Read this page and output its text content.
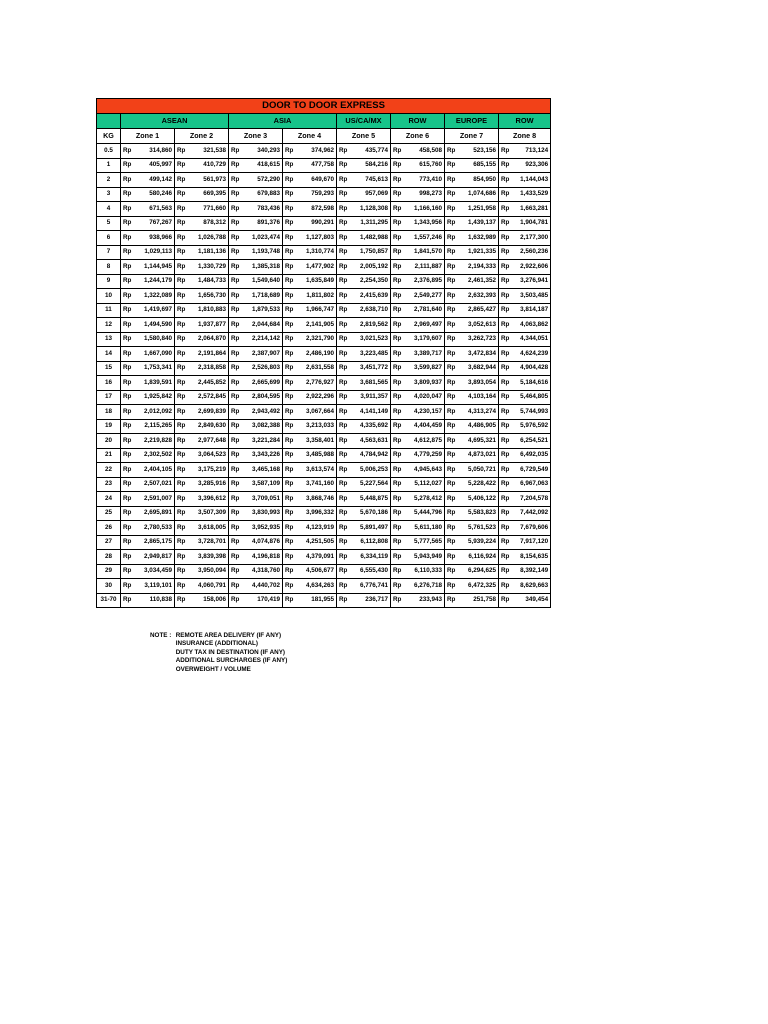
DOOR TO DOOR EXPRESS								
	ASEAN		ASIA		US/CA/MX	ROW	EUROPE	ROW
KG	Zone 1	Zone 2	Zone 3	Zone 4	Zone 5	Zone 6	Zone 7	Zone 8
0.5	Rp 314,860	Rp 321,538	Rp 340,293	Rp 374,962	Rp 435,774	Rp 458,508	Rp 523,156	Rp 713,124

1	Rp 405,997	Rp 410,729	Rp 418,615	Rp 477,758	Rp 584,216	Rp 615,760	Rp 685,155	Rp 923,306

2	Rp 499,142	Rp 561,973	Rp 572,290	Rp 649,670	Rp 745,613	Rp 773,410	Rp 854,950	Rp 1,144,043

3	Rp 580,246	Rp 669,395	Rp 679,883	Rp 759,293	Rp 957,069	Rp 998,273	Rp 1,074,686	Rp 1,433,529

4	Rp 671,563	Rp 771,660	Rp 783,436	Rp 872,598	Rp 1,128,308	Rp 1,166,160	Rp 1,251,958	Rp 1,663,281

5	Rp 767,267	Rp 878,312	Rp 891,376	Rp 990,291	Rp 1,311,295	Rp 1,343,956	Rp 1,439,137	Rp 1,904,781

6	Rp 938,966	Rp 1,026,788	Rp 1,023,474	Rp 1,127,803	Rp 1,482,988	Rp 1,557,246	Rp 1,632,989	Rp 2,177,300

7	Rp 1,029,113	Rp 1,181,136	Rp 1,193,748	Rp 1,310,774	Rp 1,750,857	Rp 1,841,570	Rp 1,921,335	Rp 2,560,236

8	Rp 1,144,945	Rp 1,330,729	Rp 1,385,318	Rp 1,477,902	Rp 2,005,192	Rp 2,111,887	Rp 2,194,333	Rp 2,922,606

9	Rp 1,244,179	Rp 1,484,733	Rp 1,549,640	Rp 1,635,849	Rp 2,254,350	Rp 2,376,895	Rp 2,461,352	Rp 3,276,941

10	Rp 1,322,089	Rp 1,656,730	Rp 1,718,689	Rp 1,811,802	Rp 2,415,639	Rp 2,549,277	Rp 2,632,393	Rp 3,503,485

11	Rp 1,419,697	Rp 1,810,883	Rp 1,879,533	Rp 1,966,747	Rp 2,638,710	Rp 2,781,640	Rp 2,865,427	Rp 3,814,187

12	Rp 1,494,590	Rp 1,937,877	Rp 2,044,684	Rp 2,141,905	Rp 2,819,562	Rp 2,969,497	Rp 3,052,613	Rp 4,063,862

13	Rp 1,580,840	Rp 2,064,870	Rp 2,214,142	Rp 2,321,790	Rp 3,021,523	Rp 3,179,607	Rp 3,262,723	Rp 4,344,051

14	Rp 1,667,090	Rp 2,191,864	Rp 2,387,907	Rp 2,486,190	Rp 3,223,485	Rp 3,389,717	Rp 3,472,834	Rp 4,624,239

15	Rp 1,753,341	Rp 2,318,858	Rp 2,526,803	Rp 2,631,558	Rp 3,451,772	Rp 3,599,827	Rp 3,682,944	Rp 4,904,428

16	Rp 1,839,591	Rp 2,445,852	Rp 2,665,699	Rp 2,776,927	Rp 3,681,565	Rp 3,809,937	Rp 3,893,054	Rp 5,184,616

17	Rp 1,925,842	Rp 2,572,845	Rp 2,804,595	Rp 2,922,296	Rp 3,911,357	Rp 4,020,047	Rp 4,103,164	Rp 5,464,805

18	Rp 2,012,092	Rp 2,699,839	Rp 2,943,492	Rp 3,067,664	Rp 4,141,149	Rp 4,230,157	Rp 4,313,274	Rp 5,744,993

19	Rp 2,115,265	Rp 2,849,630	Rp 3,082,388	Rp 3,213,033	Rp 4,335,692	Rp 4,404,459	Rp 4,486,905	Rp 5,976,592

20	Rp 2,219,828	Rp 2,977,648	Rp 3,221,284	Rp 3,358,401	Rp 4,563,631	Rp 4,612,875	Rp 4,695,321	Rp 6,254,521

21	Rp 2,302,502	Rp 3,064,523	Rp 3,343,226	Rp 3,485,988	Rp 4,784,942	Rp 4,779,259	Rp 4,873,021	Rp 6,492,035

22	Rp 2,404,105	Rp 3,175,219	Rp 3,465,168	Rp 3,613,574	Rp 5,006,253	Rp 4,945,643	Rp 5,050,721	Rp 6,729,549

23	Rp 2,507,021	Rp 3,285,916	Rp 3,587,109	Rp 3,741,160	Rp 5,227,564	Rp 5,112,027	Rp 5,228,422	Rp 6,967,063

24	Rp 2,591,007	Rp 3,396,612	Rp 3,709,051	Rp 3,868,746	Rp 5,448,875	Rp 5,278,412	Rp 5,406,122	Rp 7,204,578

25	Rp 2,695,891	Rp 3,507,309	Rp 3,830,993	Rp 3,996,332	Rp 5,670,186	Rp 5,444,796	Rp 5,583,823	Rp 7,442,092

26	Rp 2,780,533	Rp 3,618,005	Rp 3,952,935	Rp 4,123,919	Rp 5,891,497	Rp 5,611,180	Rp 5,761,523	Rp 7,679,606

27	Rp 2,865,175	Rp 3,728,701	Rp 4,074,876	Rp 4,251,505	Rp 6,112,808	Rp 5,777,565	Rp 5,939,224	Rp 7,917,120

28	Rp 2,949,817	Rp 3,839,398	Rp 4,196,818	Rp 4,379,091	Rp 6,334,119	Rp 5,943,949	Rp 6,116,924	Rp 8,154,635

29	Rp 3,034,459	Rp 3,950,094	Rp 4,318,760	Rp 4,506,677	Rp 6,555,430	Rp 6,110,333	Rp 6,294,625	Rp 8,392,149

30	Rp 3,119,101	Rp 4,060,791	Rp 4,440,702	Rp 4,634,263	Rp 6,776,741	Rp 6,276,718	Rp 6,472,325	Rp 8,629,663

31-70	Rp 110,838	Rp 158,006	Rp 170,419	Rp 181,955	Rp 236,717	Rp 233,943	Rp 251,758	Rp 349,454
NOTE : REMOTE AREA DELIVERY (IF ANY)
INSURANCE (ADDITIONAL)
DUTY TAX IN DESTINATION (IF ANY)
ADDITIONAL SURCHARGES (IF ANY)
OVERWEIGHT / VOLUME
